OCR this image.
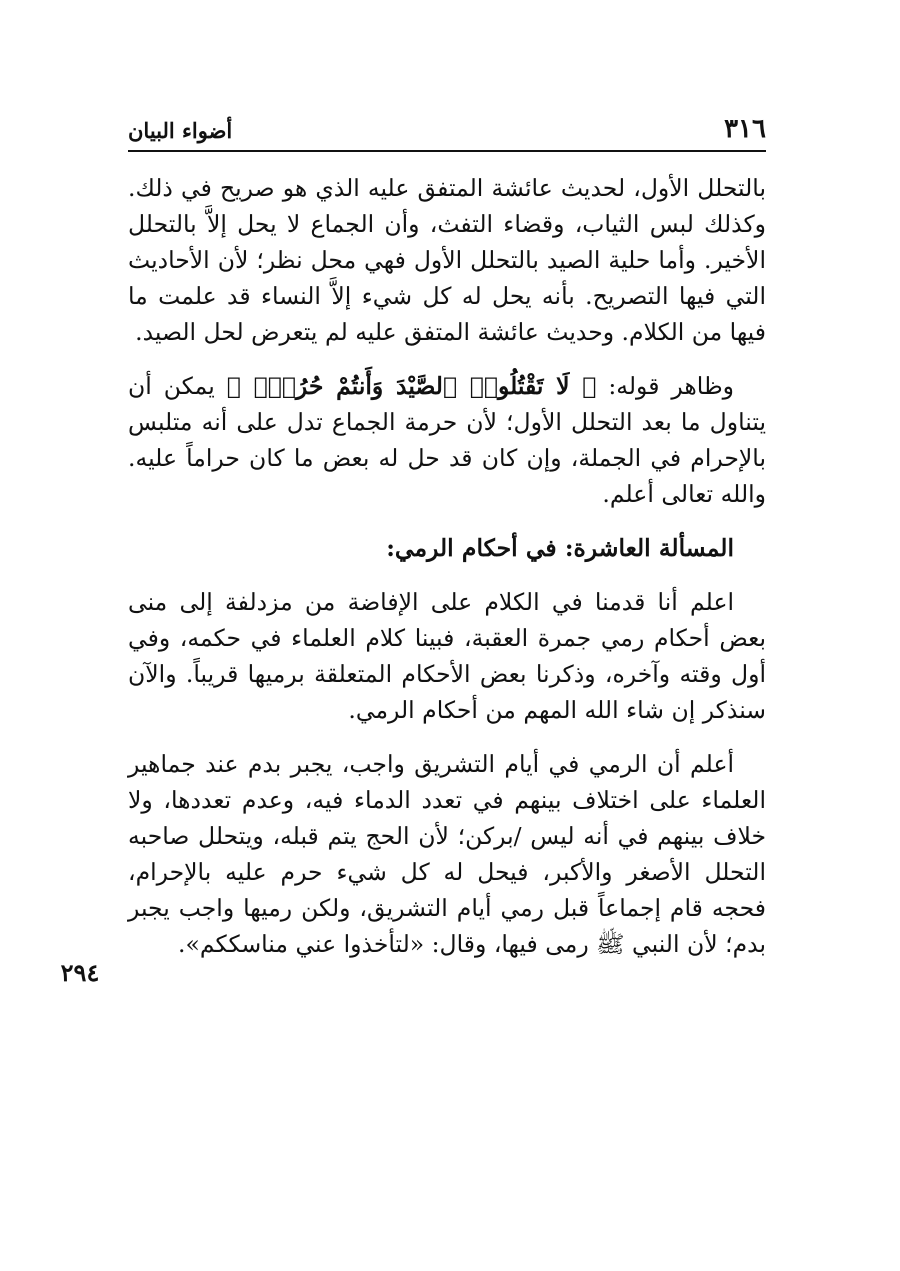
٣١٦
أضواء البيان

بالتحلل الأول، لحديث عائشة المتفق عليه الذي هو صريح في ذلك. وكذلك لبس الثياب، وقضاء التفث، وأن الجماع لا يحل إلاَّ بالتحلل الأخير. وأما حلية الصيد بالتحلل الأول فهي محل نظر؛ لأن الأحاديث التي فيها التصريح. بأنه يحل له كل شيء إلاَّ النساء قد علمت ما فيها من الكلام. وحديث عائشة المتفق عليه لم يتعرض لحل الصيد.

وظاهر قوله: ﴿ لَا تَقْتُلُوا۟ ٱلصَّيْدَ وَأَنتُمْ حُرُمٌۭ ﴾ يمكن أن يتناول ما بعد التحلل الأول؛ لأن حرمة الجماع تدل على أنه متلبس بالإحرام في الجملة، وإن كان قد حل له بعض ما كان حراماً عليه. والله تعالى أعلم.

المسألة العاشرة: في أحكام الرمي:

اعلم أنا قدمنا في الكلام على الإفاضة من مزدلفة إلى منى بعض أحكام رمي جمرة العقبة، فبينا كلام العلماء في حكمه، وفي أول وقته وآخره، وذكرنا بعض الأحكام المتعلقة برميها قريباً. والآن سنذكر إن شاء الله المهم من أحكام الرمي.

أعلم أن الرمي في أيام التشريق واجب، يجبر بدم عند جماهير العلماء على اختلاف بينهم في تعدد الدماء فيه، وعدم تعددها، ولا خلاف بينهم في أنه ليس /بركن؛ لأن الحج يتم قبله، ويتحلل صاحبه التحلل الأصغر والأكبر، فيحل له كل شيء حرم عليه بالإحرام، فحجه قام إجماعاً قبل رمي أيام التشريق، ولكن رميها واجب يجبر بدم؛ لأن النبي ﷺ رمى فيها، وقال: «لتأخذوا عني مناسككم».

٢٩٤
